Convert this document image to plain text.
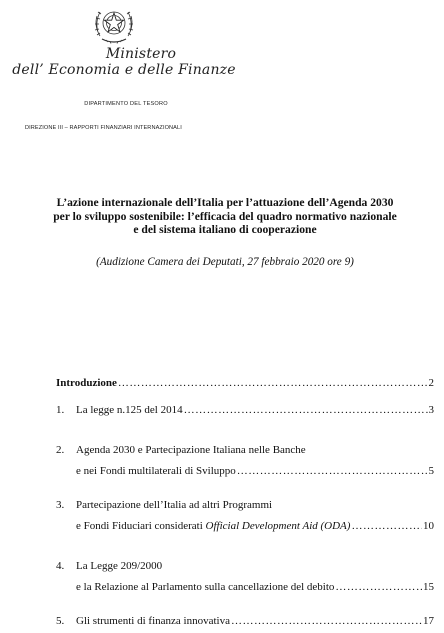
Ministero
dell’ Economia e delle Finanze
DIPARTIMENTO DEL TESORO
DIREZIONE III – RAPPORTI FINANZIARI INTERNAZIONALI
L’azione internazionale dell’Italia per l’attuazione dell’Agenda 2030 per lo sviluppo sostenibile: l’efficacia del quadro normativo nazionale e del sistema italiano di cooperazione
(Audizione Camera dei Deputati, 27 febbraio 2020 ore 9)
Introduzione ……………………………………………………………………………………………………………………………………………………	2
1.	La legge n.125 del 2014 ……………………………………………………………………………………………………………………………………………………	3
2.	Agenda 2030 e Partecipazione Italiana nelle Banche
e nei Fondi multilaterali di Sviluppo ……………………………………………………………………………………………………………………………………………………	5
3.	Partecipazione dell’Italia ad altri Programmi
e Fondi Fiduciari considerati Official Development Aid (ODA) ……………………………………………………………………………………………………………………………………………………	10
4.	La Legge 209/2000
e la Relazione al Parlamento sulla cancellazione del debito ……………………………………………………………………………………………………………………………………………………	15
5.	Gli strumenti di finanza innovativa ……………………………………………………………………………………………………………………………………………………	17
